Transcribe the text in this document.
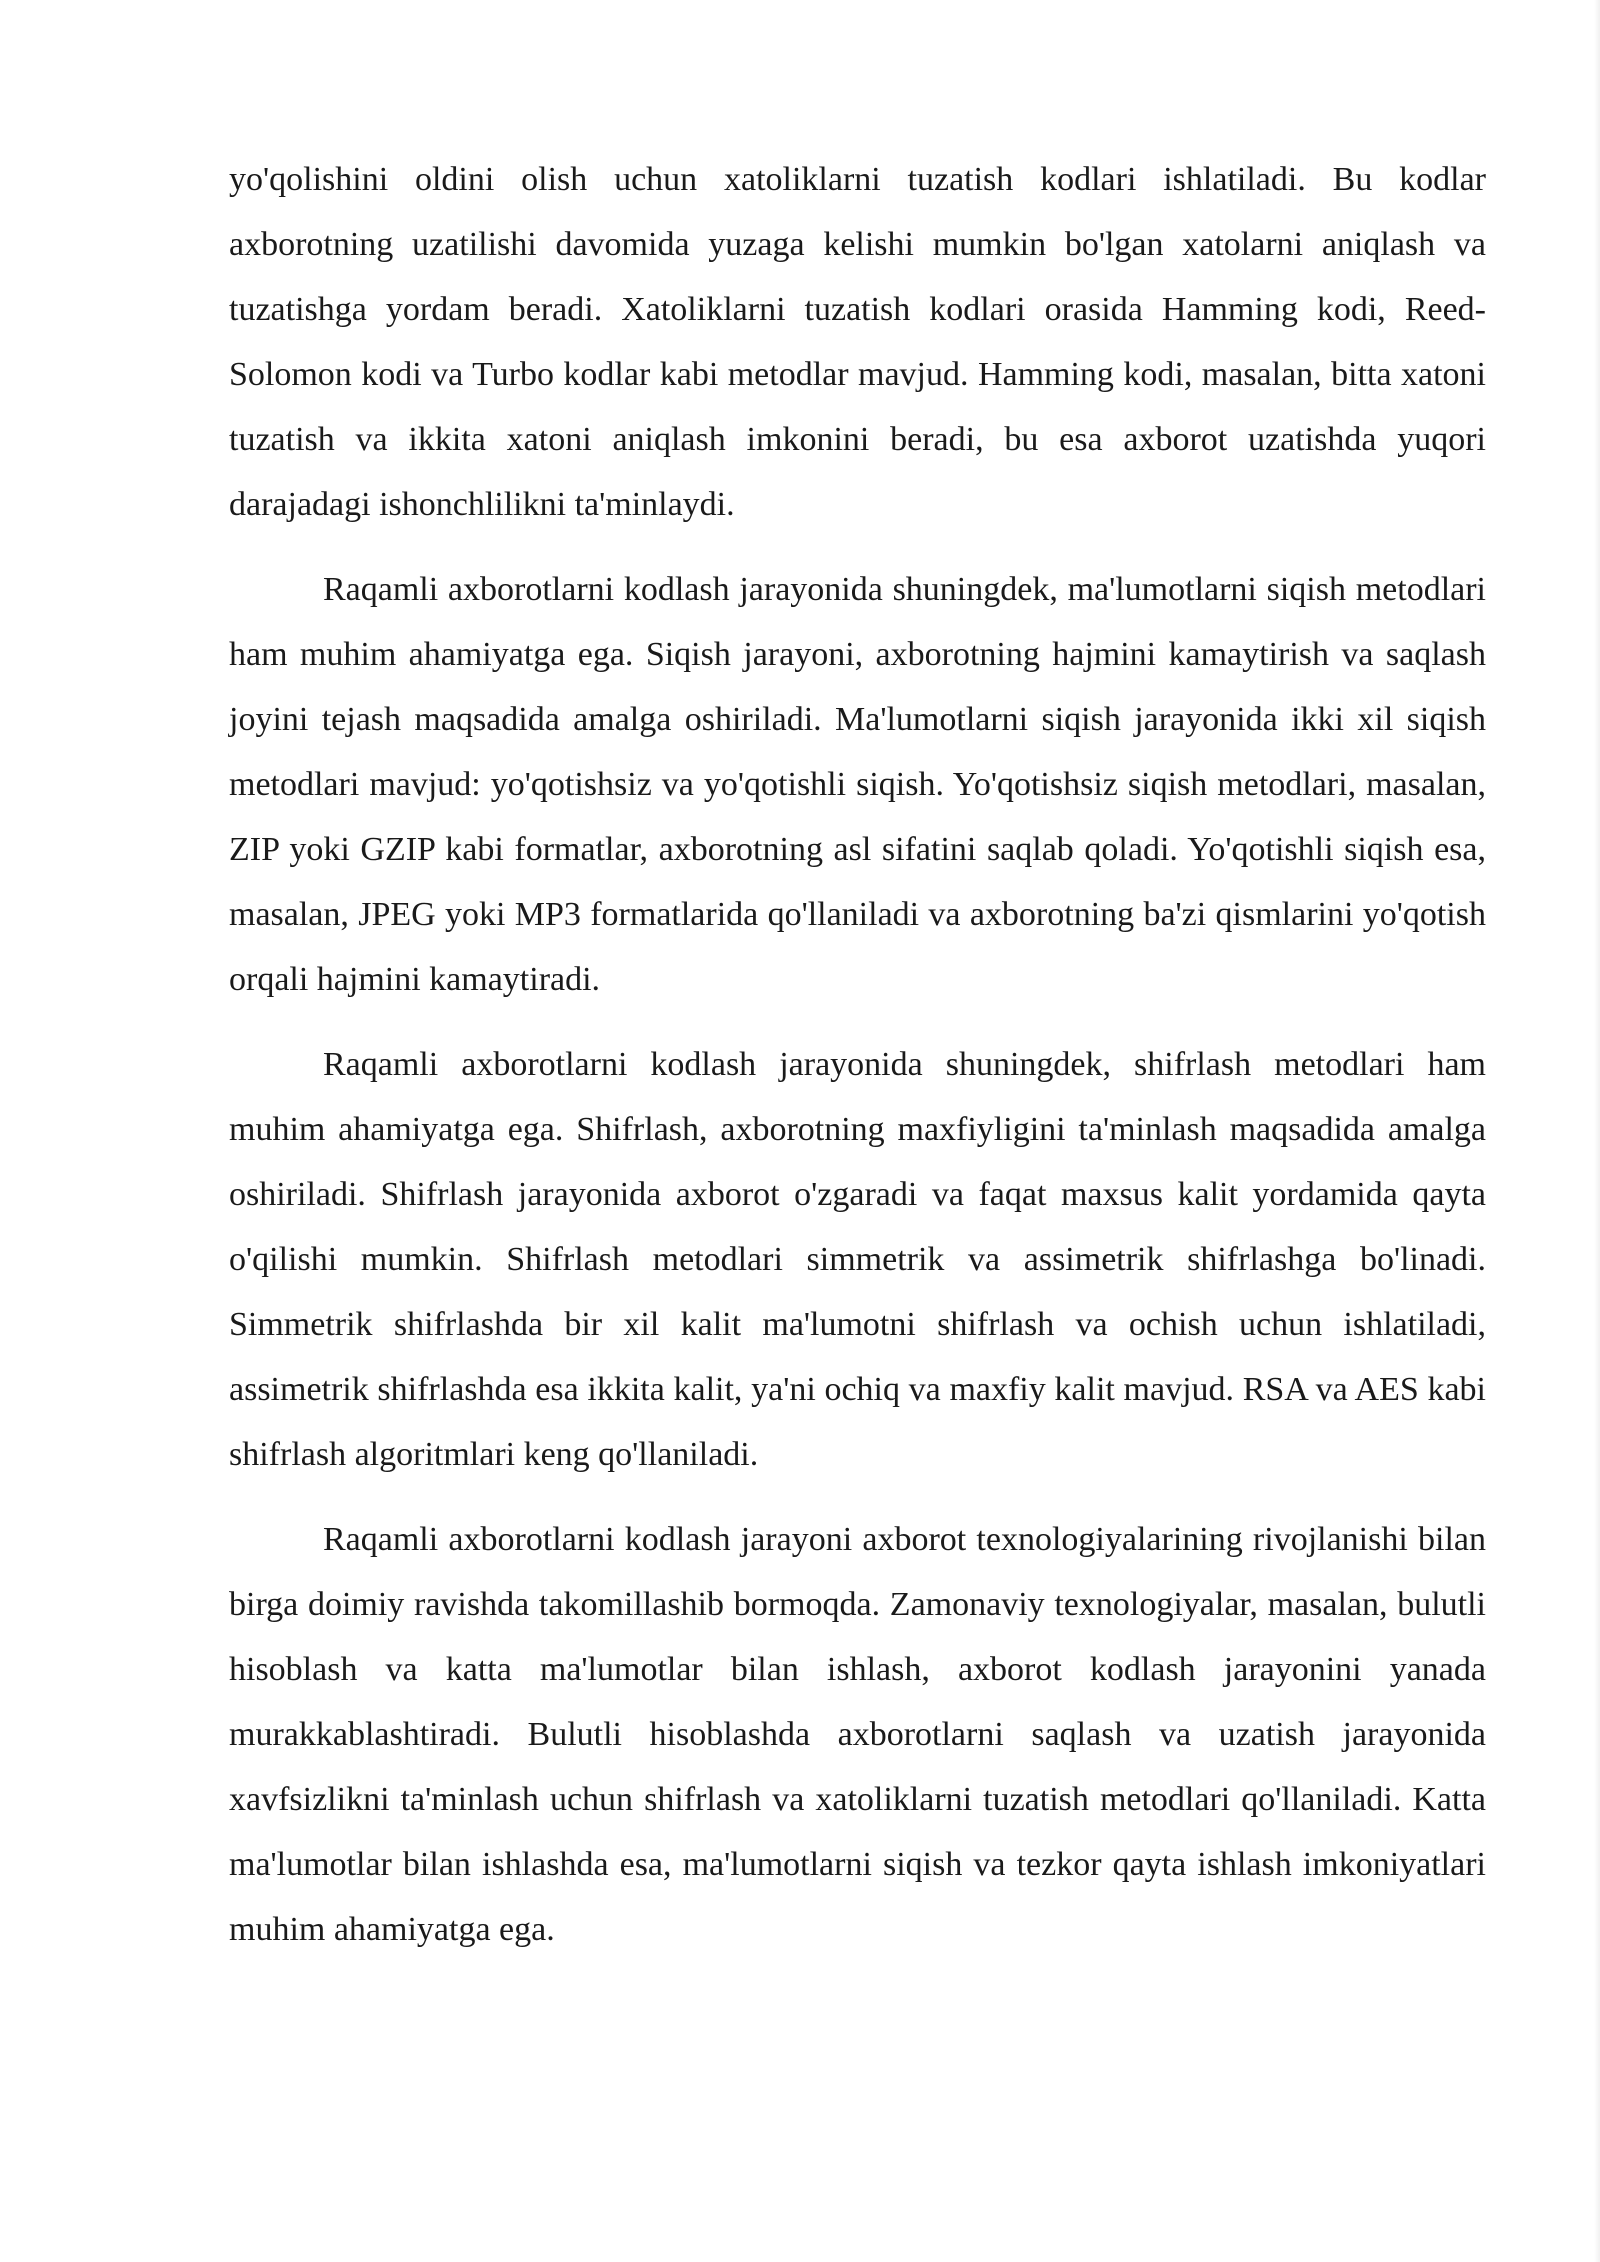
yo'qolishini oldini olish uchun xatoliklarni tuzatish kodlari ishlatiladi. Bu kodlar axborotning uzatilishi davomida yuzaga kelishi mumkin bo'lgan xatolarni aniqlash va tuzatishga yordam beradi. Xatoliklarni tuzatish kodlari orasida Hamming kodi, Reed-Solomon kodi va Turbo kodlar kabi metodlar mavjud. Hamming kodi, masalan, bitta xatoni tuzatish va ikkita xatoni aniqlash imkonini beradi, bu esa axborot uzatishda yuqori darajadagi ishonchlilikni ta'minlaydi.

Raqamli axborotlarni kodlash jarayonida shuningdek, ma'lumotlarni siqish metodlari ham muhim ahamiyatga ega. Siqish jarayoni, axborotning hajmini kamaytirish va saqlash joyini tejash maqsadida amalga oshiriladi. Ma'lumotlarni siqish jarayonida ikki xil siqish metodlari mavjud: yo'qotishsiz va yo'qotishli siqish. Yo'qotishsiz siqish metodlari, masalan, ZIP yoki GZIP kabi formatlar, axborotning asl sifatini saqlab qoladi. Yo'qotishli siqish esa, masalan, JPEG yoki MP3 formatlarida qo'llaniladi va axborotning ba'zi qismlarini yo'qotish orqali hajmini kamaytiradi.

Raqamli axborotlarni kodlash jarayonida shuningdek, shifrlash metodlari ham muhim ahamiyatga ega. Shifrlash, axborotning maxfiyligini ta'minlash maqsadida amalga oshiriladi. Shifrlash jarayonida axborot o'zgaradi va faqat maxsus kalit yordamida qayta o'qilishi mumkin. Shifrlash metodlari simmetrik va assimetrik shifrlashga bo'linadi. Simmetrik shifrlashda bir xil kalit ma'lumotni shifrlash va ochish uchun ishlatiladi, assimetrik shifrlashda esa ikkita kalit, ya'ni ochiq va maxfiy kalit mavjud. RSA va AES kabi shifrlash algoritmlari keng qo'llaniladi.

Raqamli axborotlarni kodlash jarayoni axborot texnologiyalarining rivojlanishi bilan birga doimiy ravishda takomillashib bormoqda. Zamonaviy texnologiyalar, masalan, bulutli hisoblash va katta ma'lumotlar bilan ishlash, axborot kodlash jarayonini yanada murakkablashtiradi. Bulutli hisoblashda axborotlarni saqlash va uzatish jarayonida xavfsizlikni ta'minlash uchun shifrlash va xatoliklarni tuzatish metodlari qo'llaniladi. Katta ma'lumotlar bilan ishlashda esa, ma'lumotlarni siqish va tezkor qayta ishlash imkoniyatlari muhim ahamiyatga ega.
